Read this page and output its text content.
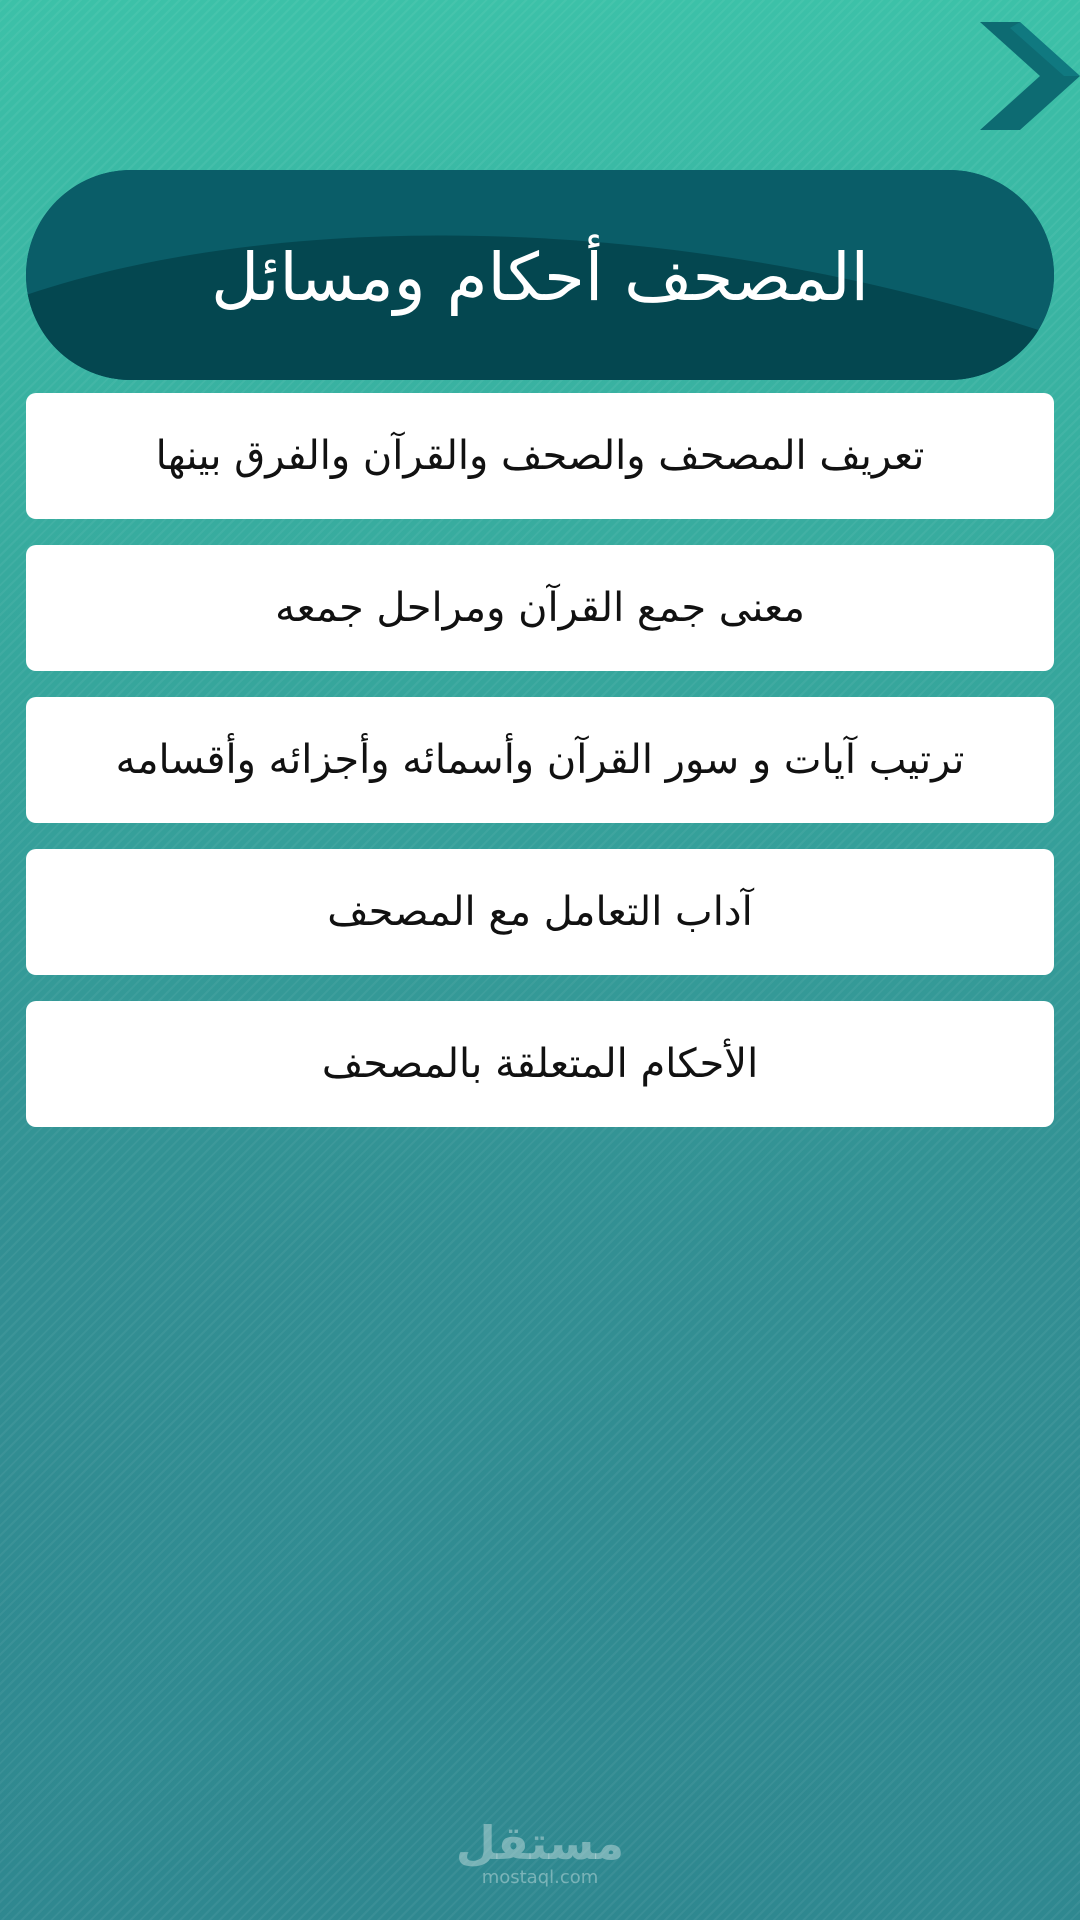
المصحف أحكام ومسائل
تعريف المصحف والصحف والقرآن والفرق بينها
معنى جمع القرآن ومراحل جمعه
ترتيب آيات و سور القرآن وأسمائه وأجزائه وأقسامه
آداب التعامل مع المصحف
الأحكام المتعلقة بالمصحف
مستقل
mostaql.com
